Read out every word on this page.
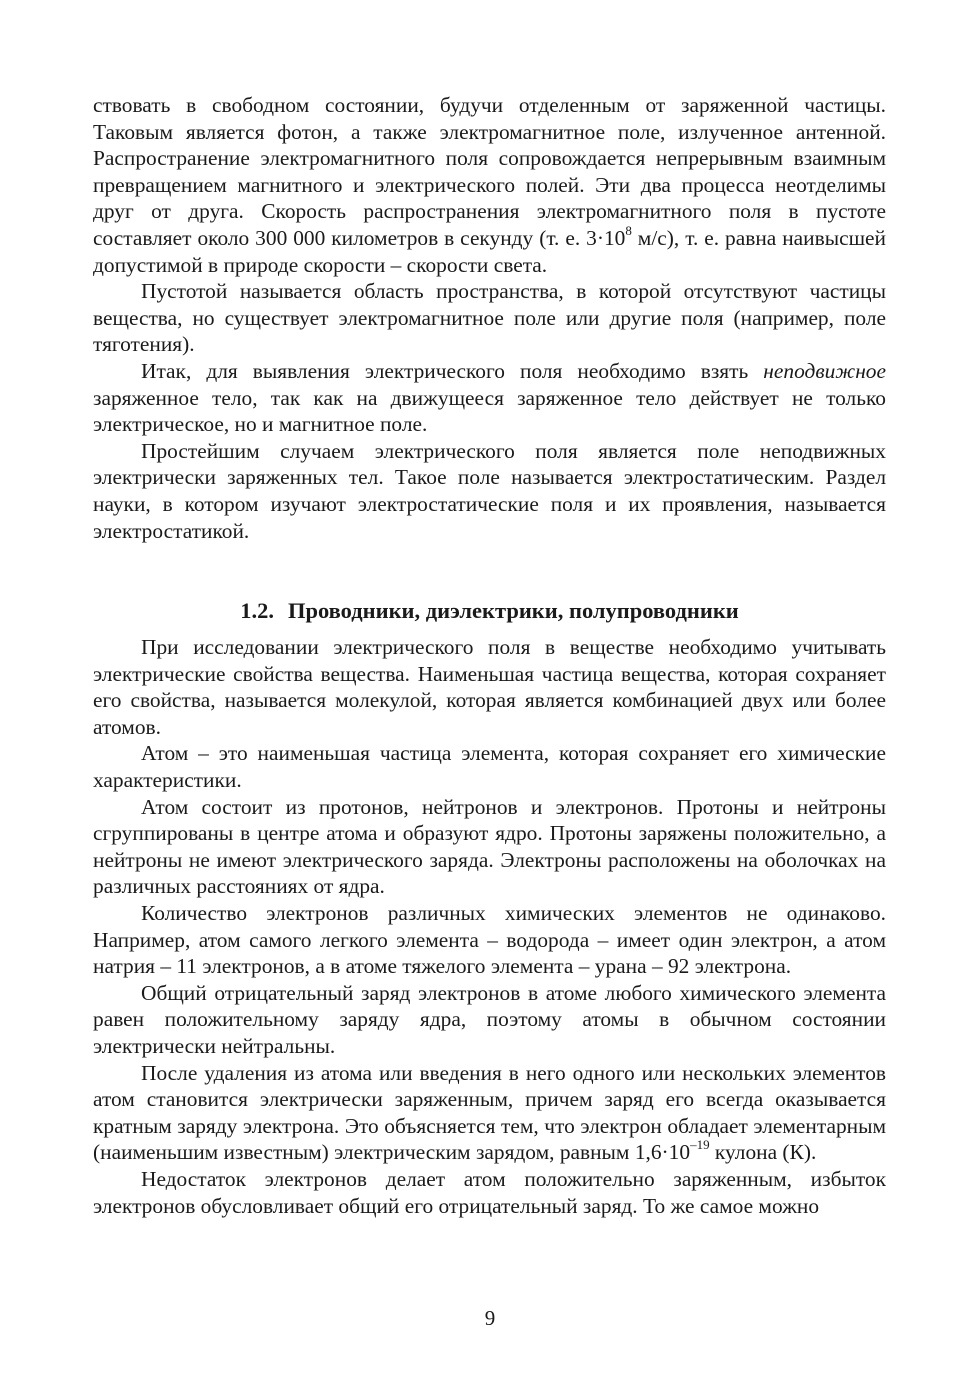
ствовать в свободном состоянии, будучи отделенным от заряженной частицы. Таковым является фотон, а также электромагнитное поле, излученное антенной. Распространение электромагнитного поля сопровождается непрерывным взаимным превращением магнитного и электрического полей. Эти два процесса неотделимы друг от друга. Скорость распространения электромагнитного поля в пустоте составляет около 300 000 километров в секунду (т. е. $3\cdot 10^8$ м/с), т. е. равна наивысшей допустимой в природе скорости – скорости света.

Пустотой называется область пространства, в которой отсутствуют частицы вещества, но существует электромагнитное поле или другие поля (например, поле тяготения).

Итак, для выявления электрического поля необходимо взять неподвижное заряженное тело, так как на движущееся заряженное тело действует не только электрическое, но и магнитное поле.

Простейшим случаем электрического поля является поле неподвижных электрически заряженных тел. Такое поле называется электростатическим. Раздел науки, в котором изучают электростатические поля и их проявления, называется электростатикой.

1.2. Проводники, диэлектрики, полупроводники

При исследовании электрического поля в веществе необходимо учитывать электрические свойства вещества. Наименьшая частица вещества, которая сохраняет его свойства, называется молекулой, которая является комбинацией двух или более атомов.

Атом – это наименьшая частица элемента, которая сохраняет его химические характеристики.

Атом состоит из протонов, нейтронов и электронов. Протоны и нейтроны сгруппированы в центре атома и образуют ядро. Протоны заряжены положительно, а нейтроны не имеют электрического заряда. Электроны расположены на оболочках на различных расстояниях от ядра.

Количество электронов различных химических элементов не одинаково. Например, атом самого легкого элемента – водорода – имеет один электрон, а атом натрия – 11 электронов, а в атоме тяжелого элемента – урана – 92 электрона.

Общий отрицательный заряд электронов в атоме любого химического элемента равен положительному заряду ядра, поэтому атомы в обычном состоянии электрически нейтральны.

После удаления из атома или введения в него одного или нескольких элементов атом становится электрически заряженным, причем заряд его всегда оказывается кратным заряду электрона. Это объясняется тем, что электрон обладает элементарным (наименьшим известным) электрическим зарядом, равным $1,6\cdot 10^{-19}$ кулона (К).

Недостаток электронов делает атом положительно заряженным, избыток электронов обусловливает общий его отрицательный заряд. То же самое можно

9
